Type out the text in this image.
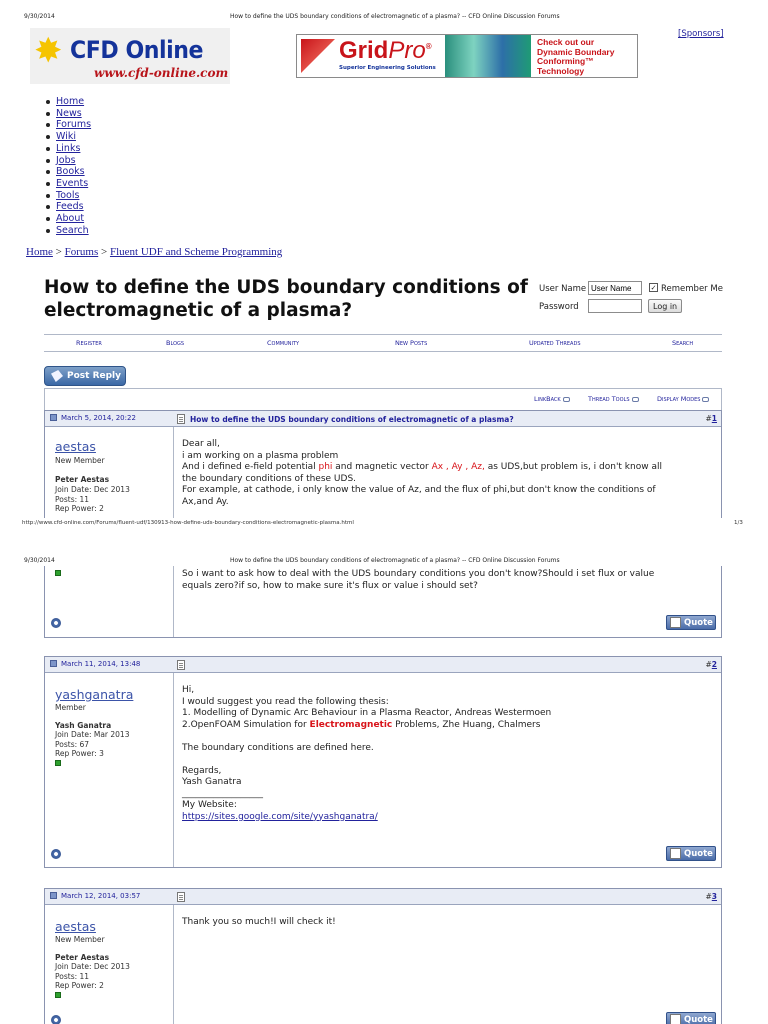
9/30/2014	How to define the UDS boundary conditions of electromagnetic of a plasma? -- CFD Online Discussion Forums
✸ CFD Online
www.cfd-online.com
GridPro®
Superior Engineering Solutions
Check out our
Dynamic Boundary
Conforming™
Technology
[Sponsors]
Home
News
Forums
Wiki
Links
Jobs
Books
Events
Tools
Feeds
About
Search
Home > Forums > Fluent UDF and Scheme Programming
How to define the UDS boundary conditions of electromagnetic of a plasma?
User Name
User Name	✓ Remember Me
Password	Log in
Register	Blogs	Community	New Posts	Updated Threads	Search
Post Reply
LinkBack	Thread Tools	Display Modes
March 5, 2014, 20:22	How to define the UDS boundary conditions of electromagnetic of a plasma?	#1
aestas
New Member
Peter Aestas
Join Date: Dec 2013
Posts: 11
Rep Power: 2
Dear all,
i am working on a plasma problem
And i defined e-field potential phi and magnetic vector Ax , Ay , Az, as UDS,but problem is, i don't know all
the boundary conditions of these UDS.
For example, at cathode, i only know the value of Az, and the flux of phi,but don't know the conditions of
Ax,and Ay.
http://www.cfd-online.com/Forums/fluent-udf/130913-how-define-uds-boundary-conditions-electromagnetic-plasma.html	1/3
9/30/2014	How to define the UDS boundary conditions of electromagnetic of a plasma? -- CFD Online Discussion Forums
So i want to ask how to deal with the UDS boundary conditions you don't know?Should i set flux or value
equals zero?if so, how to make sure it's flux or value i should set?
Quote
March 11, 2014, 13:48	#2
yashganatra
Member
Yash Ganatra
Join Date: Mar 2013
Posts: 67
Rep Power: 3
Hi,
I would suggest you read the following thesis:
1. Modelling of Dynamic Arc Behaviour in a Plasma Reactor, Andreas Westermoen
2.OpenFOAM Simulation for Electromagnetic Problems, Zhe Huang, Chalmers
The boundary conditions are defined here.
Regards,
Yash Ganatra
__________________
My Website:
https://sites.google.com/site/yyashganatra/
Quote
March 12, 2014, 03:57	#3
aestas
New Member
Peter Aestas
Join Date: Dec 2013
Posts: 11
Rep Power: 2
Thank you so much!I will check it!
Quote
